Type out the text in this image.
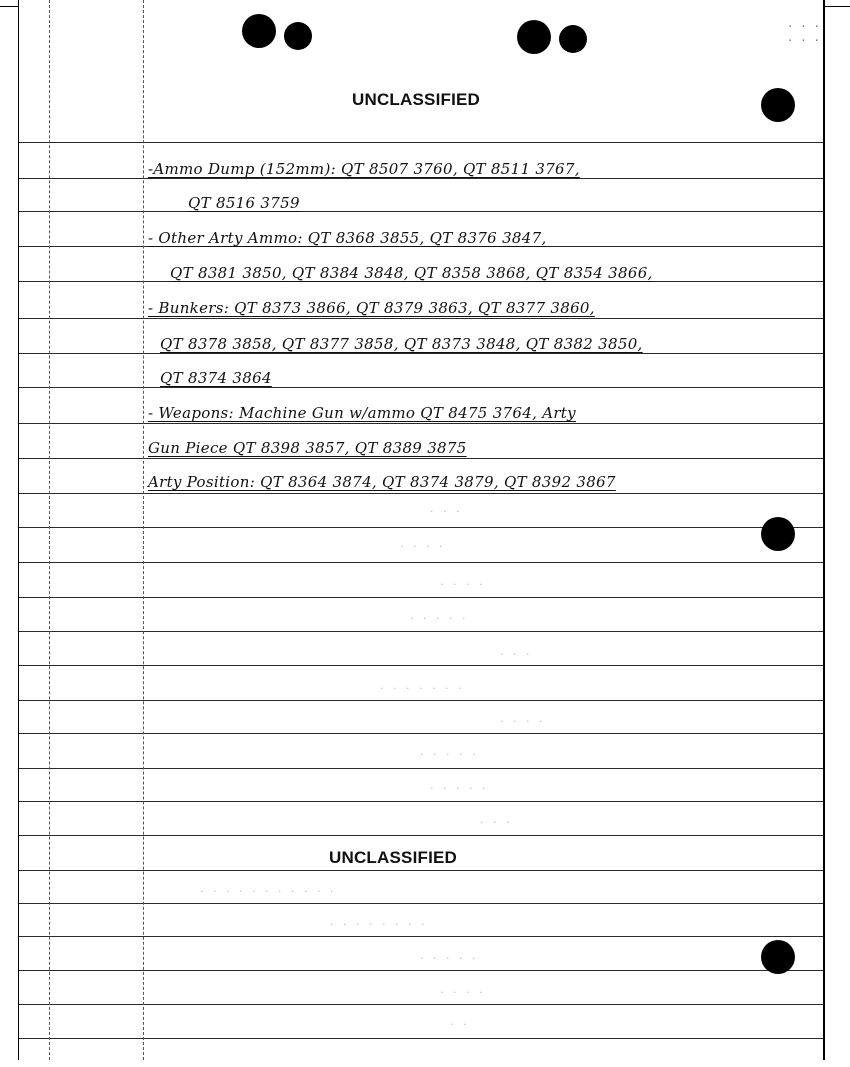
UNCLASSIFIED
UNCLASSIFIED
-Ammo Dump (152mm): QT 8507 3760, QT 8511 3767,
QT 8516 3759
- Other Arty Ammo: QT 8368 3855, QT 8376 3847,
QT 8381 3850, QT 8384 3848, QT 8358 3868, QT 8354 3866,
- Bunkers: QT 8373 3866, QT 8379 3863, QT 8377 3860,
QT 8378 3858, QT 8377 3858, QT 8373 3848, QT 8382 3850,
QT 8374 3864
- Weapons: Machine Gun w/ammo QT 8475 3764, Arty
Gun Piece QT 8398 3857, QT 8389 3875
Arty Position: QT 8364 3874, QT 8374 3879, QT 8392 3867
· · ·
· · · ·
· · · ·
· · · · ·
· · ·
· · · · · · ·
· · · ·
· · · · ·
· · · · ·
· · ·
· · · · · · · · · · ·
· · · · · · · ·
· · · · ·
· · · ·
· ·
· · ·
· · ·
